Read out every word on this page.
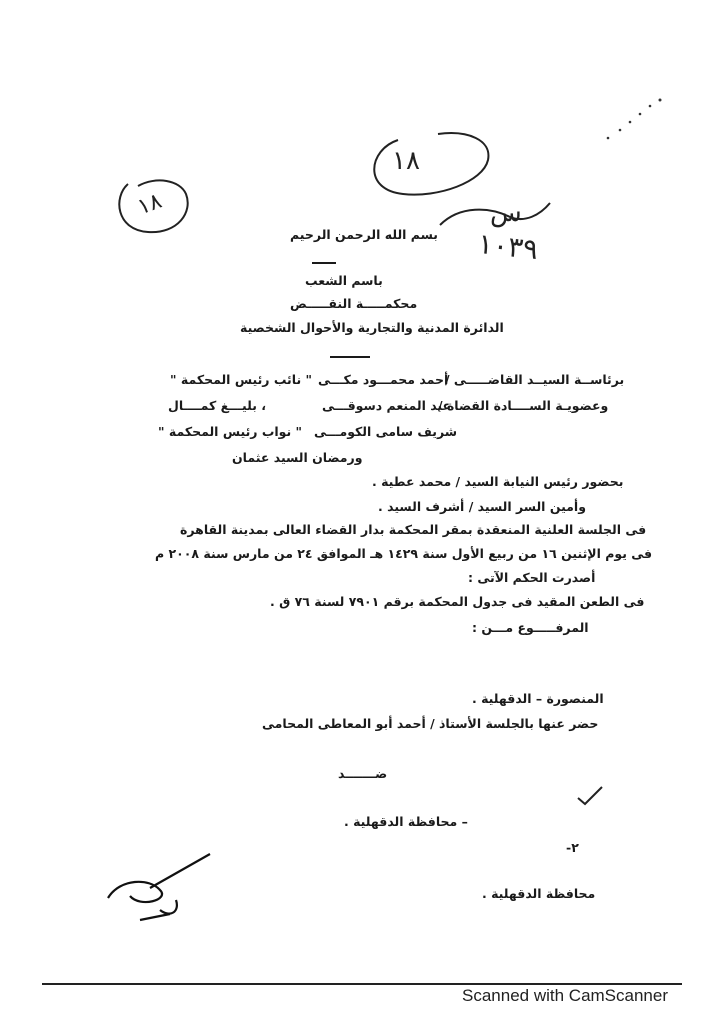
١٨
١٨
س
١٠٣٩
بسم الله الرحمن الرحيم
باسم الشعب
محكمـــــة النقـــــض
الدائرة المدنية والتجارية والأحوال الشخصية
برئاســة السيــد القاضـــــى /
أحمد محمـــود مكـــى
" نائب رئيس المحكمة "
وعضويـة الســــادة القضاة /
عبد المنعم دسوقـــى
، بليـــغ كمــــال
شريف سامى الكومـــى
" نواب رئيس المحكمة "
ورمضان السيد عثمان
بحضور رئيس النيابة السيد / محمد عطية .
وأمين السر السيد / أشرف السيد .
فى الجلسة العلنية المنعقدة بمقر المحكمة بدار القضاء العالى بمدينة القاهرة
فى يوم الإثنين ١٦ من ربيع الأول سنة ١٤٢٩ هـ الموافق ٢٤ من مارس سنة ٢٠٠٨ م
أصدرت الحكم الآتى :
فى الطعن المقيد فى جدول المحكمة برقم ٧٩٠١ لسنة ٧٦ ق .
المرفـــــوع مـــن :
المنصورة – الدقهلية .
حضر عنها بالجلسة الأستاذ / أحمد أبو المعاطى المحامى
ضـــــــد
– محافظة الدقهلية .
-٢
محافظة الدقهلية .
Scanned with CamScanner
